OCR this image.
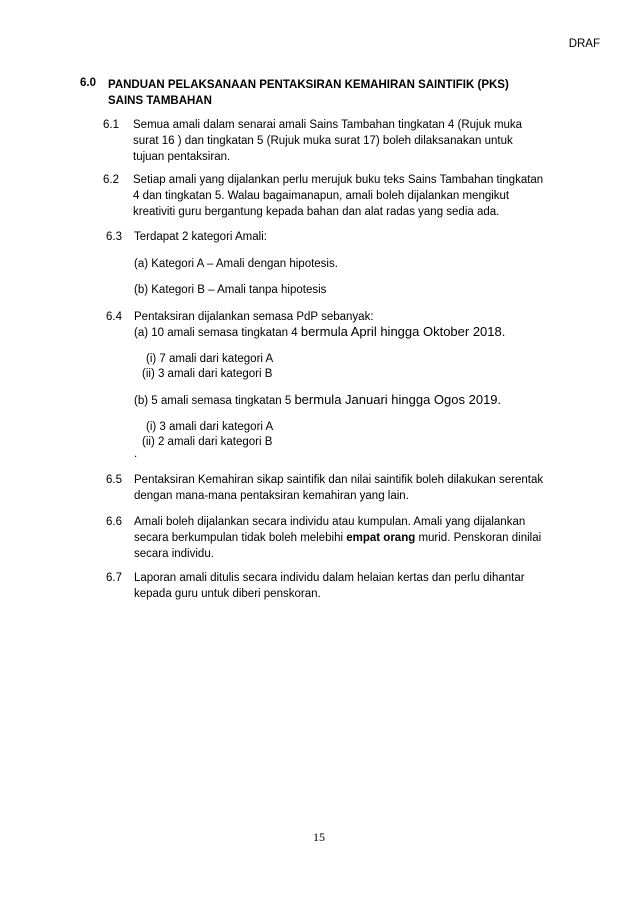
DRAF
6.0 PANDUAN PELAKSANAAN PENTAKSIRAN KEMAHIRAN SAINTIFIK (PKS)
SAINS TAMBAHAN
6.1 Semua amali dalam senarai amali Sains Tambahan tingkatan 4 (Rujuk muka
surat 16 ) dan tingkatan 5 (Rujuk muka surat 17) boleh dilaksanakan untuk
tujuan pentaksiran.
6.2 Setiap amali yang dijalankan perlu merujuk buku teks Sains Tambahan tingkatan
4 dan tingkatan 5. Walau bagaimanapun, amali boleh dijalankan mengikut
kreativiti guru bergantung kepada bahan dan alat radas yang sedia ada.
6.3 Terdapat 2 kategori Amali:
(a) Kategori A – Amali dengan hipotesis.
(b) Kategori B – Amali tanpa hipotesis
6.4 Pentaksiran dijalankan semasa PdP sebanyak:
(a) 10 amali semasa tingkatan 4 bermula April hingga Oktober 2018.
(i) 7 amali dari kategori A
(ii) 3 amali dari kategori B
(b) 5 amali semasa tingkatan 5 bermula Januari hingga Ogos 2019.
(i) 3 amali dari kategori A
(ii) 2 amali dari kategori B
.
6.5 Pentaksiran Kemahiran sikap saintifik dan nilai saintifik boleh dilakukan serentak
dengan mana-mana pentaksiran kemahiran yang lain.
6.6 Amali boleh dijalankan secara individu atau kumpulan. Amali yang dijalankan
secara berkumpulan tidak boleh melebihi empat orang murid. Penskoran dinilai
secara individu.
6.7 Laporan amali ditulis secara individu dalam helaian kertas dan perlu dihantar
kepada guru untuk diberi penskoran.
15
